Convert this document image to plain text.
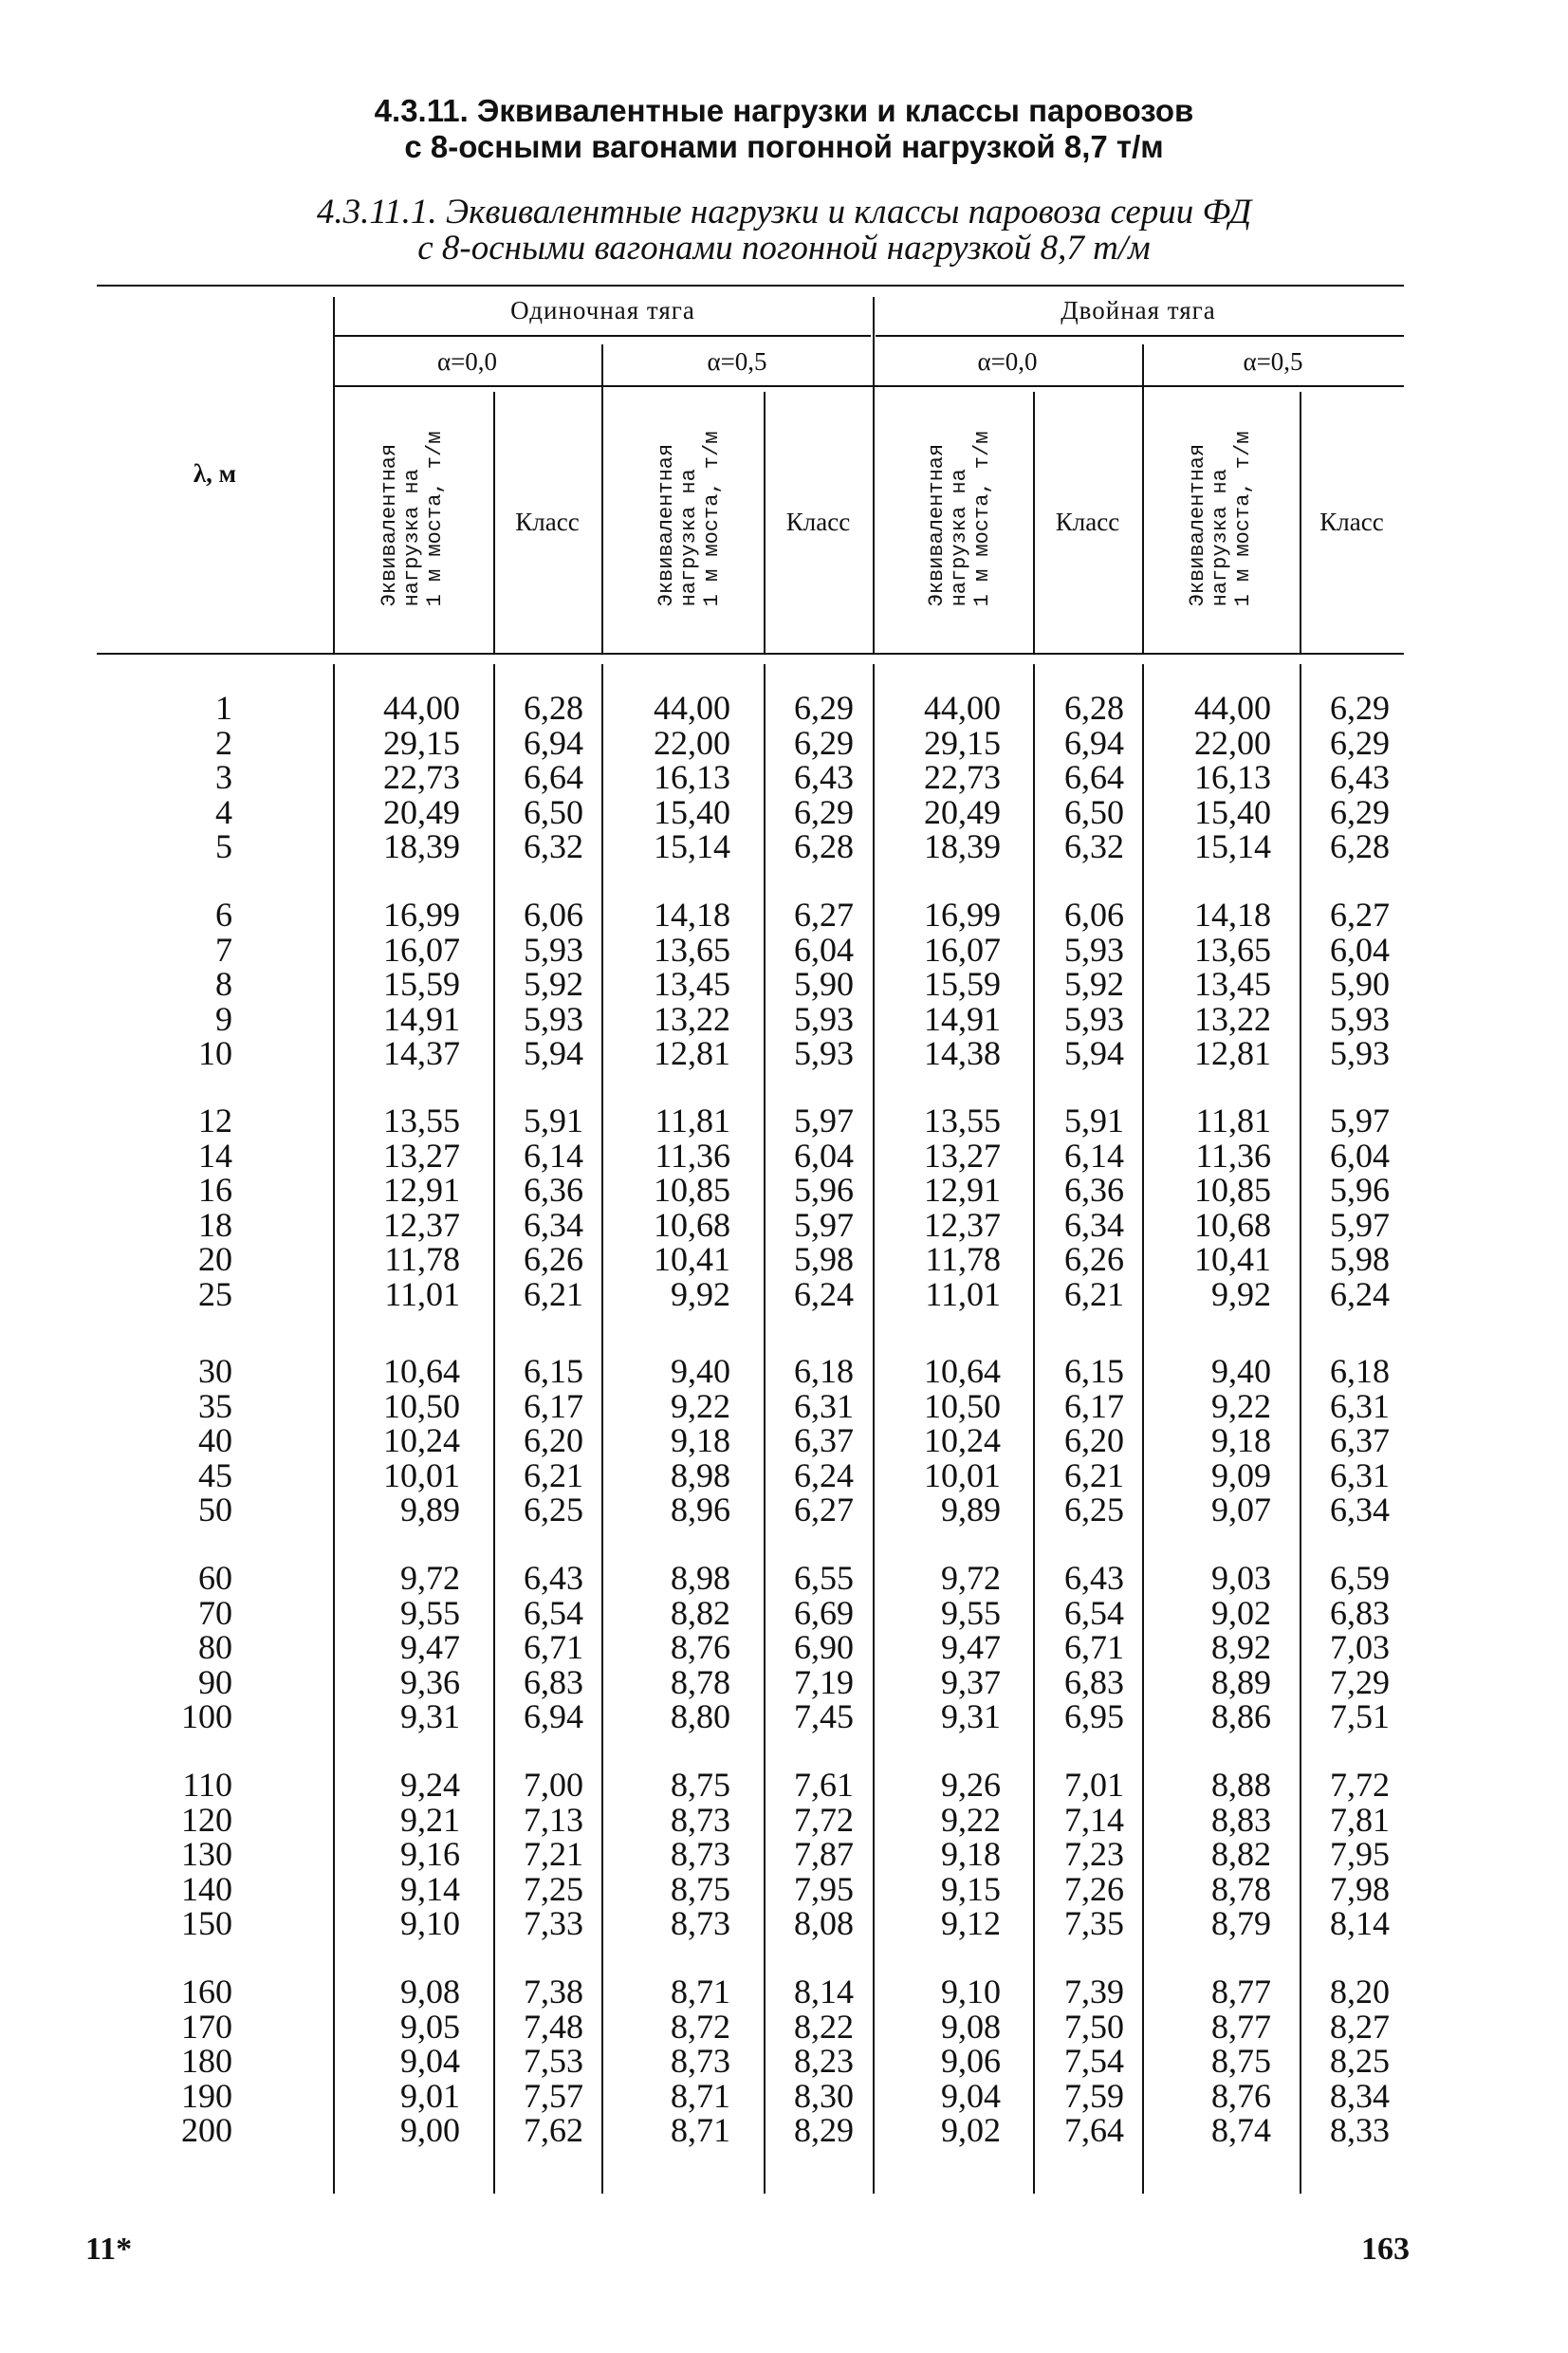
4.3.11. Эквивалентные нагрузки и классы паровозов
с 8-осными вагонами погонной нагрузкой 8,7 т/м
4.3.11.1. Эквивалентные нагрузки и классы паровоза серии ФД
с 8-осными вагонами погонной нагрузкой 8,7 т/м
λ, м
Одиночная тяга	Двойная тяга
α=0,0	α=0,5	α=0,0	α=0,5
Эквивалентная
нагрузка на
1 м моста, т/м	Эквивалентная
нагрузка на
1 м моста, т/м	Эквивалентная
нагрузка на
1 м моста, т/м	Эквивалентная
нагрузка на
1 м моста, т/м
Класс	Класс	Класс	Класс
1	44,00 6,28 44,00 6,29 44,00 6,28 44,00 6,29
2	29,15 6,94 22,00 6,29 29,15 6,94 22,00 6,29
3	22,73 6,64 16,13 6,43 22,73 6,64 16,13 6,43
4	20,49 6,50 15,40 6,29 20,49 6,50 15,40 6,29
5	18,39 6,32 15,14 6,28 18,39 6,32 15,14 6,28
6	16,99 6,06 14,18 6,27 16,99 6,06 14,18 6,27
7	16,07 5,93 13,65 6,04 16,07 5,93 13,65 6,04
8	15,59 5,92 13,45 5,90 15,59 5,92 13,45 5,90
9	14,91 5,93 13,22 5,93 14,91 5,93 13,22 5,93
10	14,37 5,94 12,81 5,93 14,38 5,94 12,81 5,93
12	13,55 5,91 11,81 5,97 13,55 5,91 11,81 5,97
14	13,27 6,14 11,36 6,04 13,27 6,14 11,36 6,04
16	12,91 6,36 10,85 5,96 12,91 6,36 10,85 5,96
18	12,37 6,34 10,68 5,97 12,37 6,34 10,68 5,97
20	11,78 6,26 10,41 5,98 11,78 6,26 10,41 5,98
25	11,01 6,21	9,92 6,24 11,01 6,21	9,92 6,24
30	10,64 6,15	9,40 6,18 10,64 6,15	9,40 6,18
35	10,50 6,17	9,22 6,31 10,50 6,17	9,22 6,31
40	10,24 6,20	9,18 6,37 10,24 6,20	9,18 6,37
45	10,01 6,21	8,98 6,24 10,01 6,21	9,09 6,31
50	9,89 6,25	8,96 6,27	9,89 6,25	9,07 6,34
60	9,72 6,43	8,98 6,55	9,72 6,43	9,03 6,59
70	9,55 6,54	8,82 6,69	9,55 6,54	9,02 6,83
80	9,47 6,71	8,76 6,90	9,47 6,71	8,92 7,03
90	9,36 6,83	8,78 7,19	9,37 6,83	8,89 7,29
100	9,31 6,94	8,80 7,45	9,31 6,95	8,86 7,51
110	9,24 7,00	8,75 7,61	9,26 7,01	8,88 7,72
120	9,21 7,13	8,73 7,72	9,22 7,14	8,83 7,81
130	9,16 7,21	8,73 7,87	9,18 7,23	8,82 7,95
140	9,14 7,25	8,75 7,95	9,15 7,26	8,78 7,98
150	9,10 7,33	8,73 8,08	9,12 7,35	8,79 8,14
160	9,08 7,38	8,71 8,14	9,10 7,39	8,77 8,20
170	9,05 7,48	8,72 8,22	9,08 7,50	8,77 8,27
180	9,04 7,53	8,73 8,23	9,06 7,54	8,75 8,25
190	9,01 7,57	8,71 8,30	9,04 7,59	8,76 8,34
200	9,00 7,62	8,71 8,29	9,02 7,64	8,74 8,33
11*	163
